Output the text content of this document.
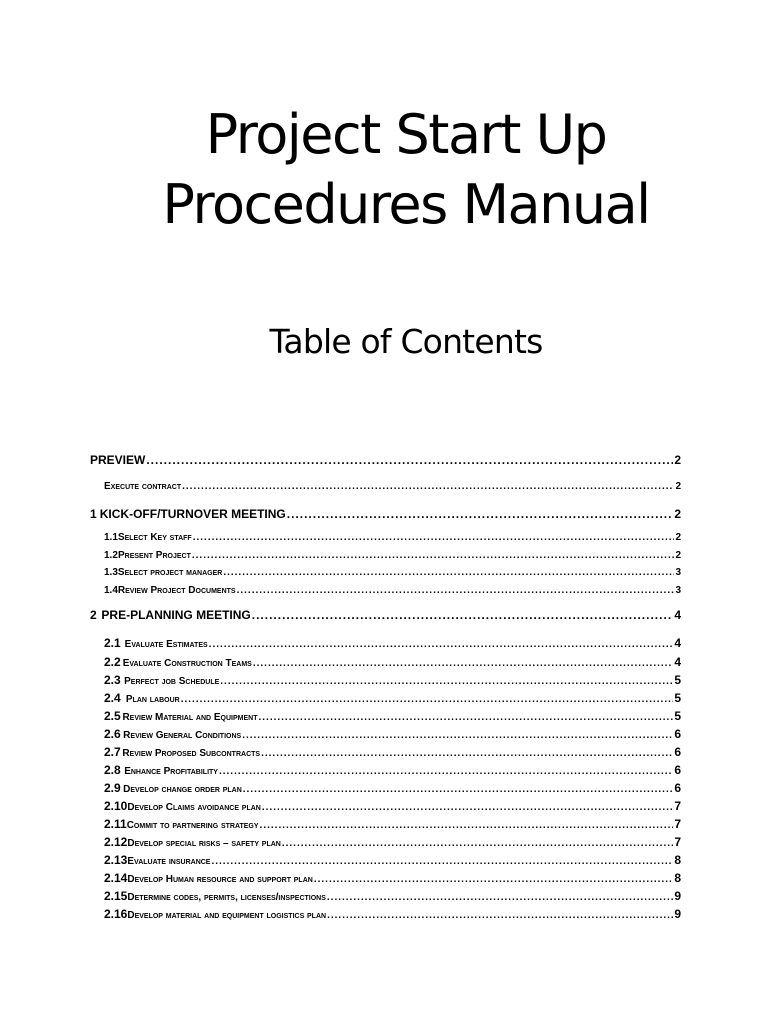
Project Start Up
Procedures Manual
Table of Contents
PREVIEW .....	2
Execute contract .....	2
1 KICK-OFF/TURNOVER MEETING .....	2
1.1 Select Key staff .....	2
1.2 Present Project .....	2
1.3 Select project manager .....	3
1.4 Review Project Documents .....	3
2 PRE-PLANNING MEETING .....	4
2.1 Evaluate Estimates .....	4
2.2 Evaluate Construction Teams .....	4
2.3 Perfect job Schedule .....	5
2.4 Plan labour .....	5
2.5 Review Material and Equipment .....	5
2.6 Review General Conditions .....	6
2.7 Review Proposed Subcontracts .....	6
2.8 Enhance Profitability .....	6
2.9 Develop change order plan .....	6
2.10 Develop Claims avoidance plan .....	7
2.11 Commit to partnering strategy .....	7
2.12 Develop special risks – safety plan .....	7
2.13 Evaluate insurance .....	8
2.14 Develop Human resource and support plan .....	8
2.15 Determine codes, permits, licenses/inspections .....	9
2.16 Develop material and equipment logistics plan .....	9
